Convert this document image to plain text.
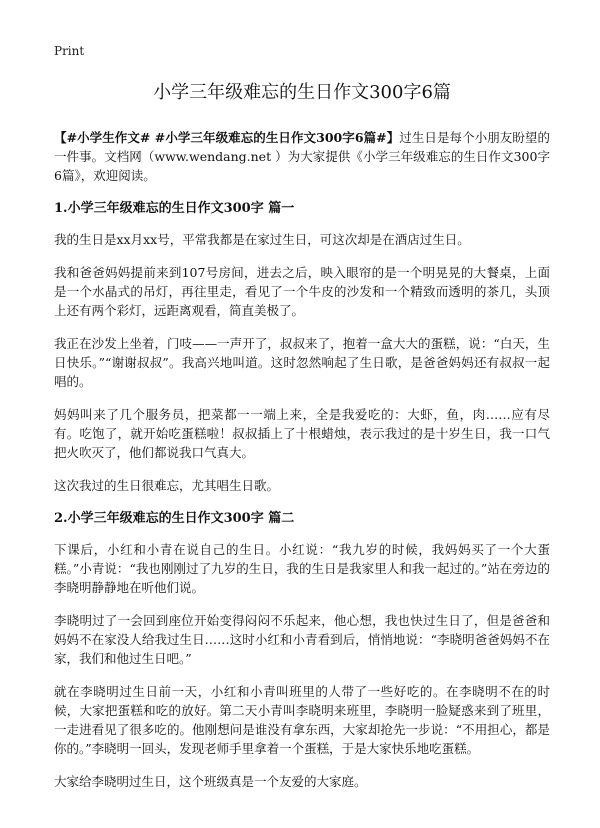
Print
小学三年级难忘的生日作文300字6篇

【#小学生作文# #小学三年级难忘的生日作文300字6篇#】过生日是每个小朋友盼望的一件事。文档网（www.wendang.net ）为大家提供《小学三年级难忘的生日作文300字6篇》，欢迎阅读。

1.小学三年级难忘的生日作文300字 篇一

我的生日是xx月xx号，平常我都是在家过生日，可这次却是在酒店过生日。

我和爸爸妈妈提前来到107号房间，进去之后，映入眼帘的是一个明晃晃的大餐桌，上面是一个水晶式的吊灯，再往里走，看见了一个牛皮的沙发和一个精致而透明的茶几，头顶上还有两个彩灯，远距离观看，简直美极了。

我正在沙发上坐着，门吱——一声开了，叔叔来了，抱着一盒大大的蛋糕，说：“白天，生日快乐。”“谢谢叔叔”。我高兴地叫道。这时忽然响起了生日歌，是爸爸妈妈还有叔叔一起唱的。

妈妈叫来了几个服务员，把菜都一一端上来，全是我爱吃的：大虾，鱼，肉……应有尽有。吃饱了，就开始吃蛋糕啦！叔叔插上了十根蜡烛，表示我过的是十岁生日，我一口气把火吹灭了，他们都说我口气真大。

这次我过的生日很难忘，尤其唱生日歌。

2.小学三年级难忘的生日作文300字 篇二

下课后，小红和小青在说自己的生日。小红说：“我九岁的时候，我妈妈买了一个大蛋糕。”小青说：“我也刚刚过了九岁的生日，我的生日是我家里人和我一起过的。”站在旁边的李晓明静静地在听他们说。

李晓明过了一会回到座位开始变得闷闷不乐起来，他心想，我也快过生日了，但是爸爸和妈妈不在家没人给我过生日……这时小红和小青看到后，悄悄地说：“李晓明爸爸妈妈不在家，我们和他过生日吧。”

就在李晓明过生日前一天，小红和小青叫班里的人带了一些好吃的。在李晓明不在的时候，大家把蛋糕和吃的放好。第二天小青叫李晓明来班里，李晓明一脸疑惑来到了班里，一走进看见了很多吃的。他刚想问是谁没有拿东西，大家却抢先一步说：“不用担心，都是你的。”李晓明一回头，发现老师手里拿着一个蛋糕，于是大家快乐地吃蛋糕。

大家给李晓明过生日，这个班级真是一个友爱的大家庭。
